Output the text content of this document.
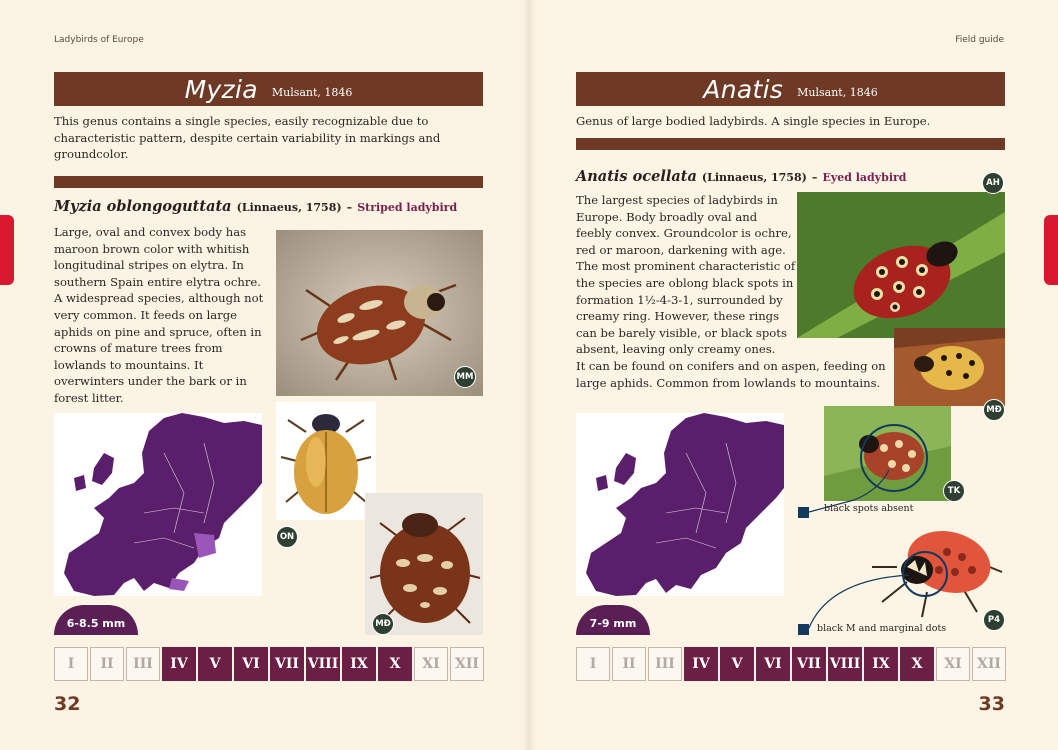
Ladybirds of Europe
Myzia Mulsant, 1846
This genus contains a single species, easily recognizable due to characteristic pattern, despite certain variability in markings and groundcolor.
Myzia oblongoguttata (Linnaeus, 1758) – Striped ladybird
Large, oval and convex body has maroon brown color with whitish longitudinal stripes on elytra. In southern Spain entire elytra ochre. A widespread species, although not very common. It feeds on large aphids on pine and spruce, often in crowns of mature trees from lowlands to mountains. It overwinters under the bark or in forest litter.
MM
ON
MĐ
6-8.5 mm
I	II	III	IV	V	VI	VII VIII IX	X	XI	XII
32
Field guide
Anatis Mulsant, 1846
Genus of large bodied ladybirds. A single species in Europe.
Anatis ocellata (Linnaeus, 1758) – Eyed ladybird
The largest species of ladybirds in Europe. Body broadly oval and feebly convex. Groundcolor is ochre, red or maroon, darkening with age. The most prominent characteristic of the species are oblong black spots in formation 1½-4-3-1, surrounded by creamy ring. However, these rings can be barely visible, or black spots absent, leaving only creamy ones.
It can be found on conifers and on aspen, feeding on large aphids. Common from lowlands to mountains.
AH
MĐ
TK
P4
black spots absent
black M and marginal dots
7-9 mm
I	II	III	IV	V	VI	VII VIII IX	X	XI	XII
33
